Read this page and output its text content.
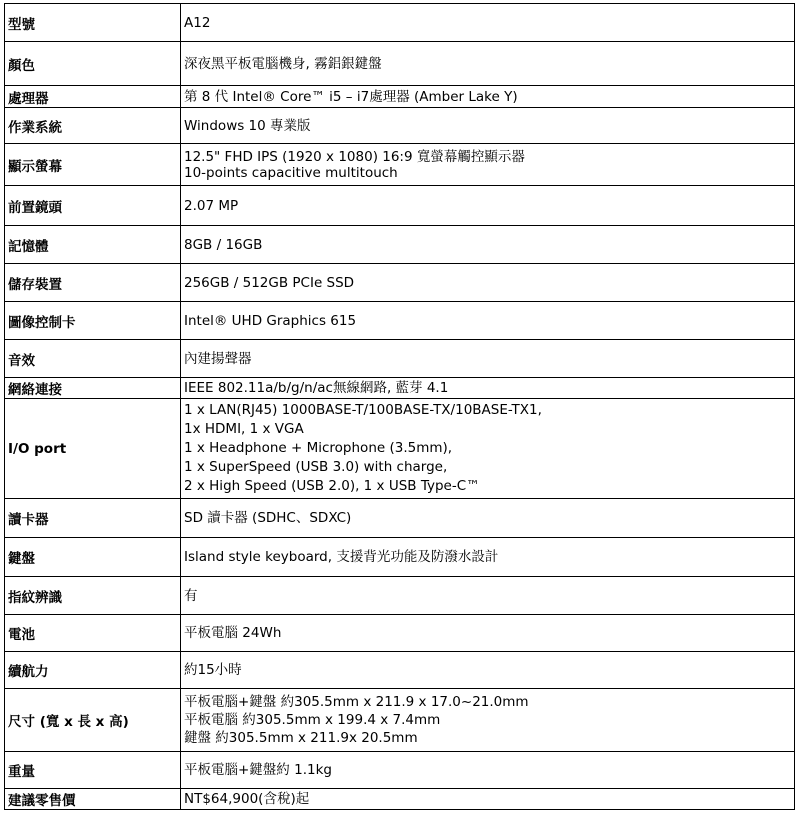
型號	A12

顏色	深夜黑平板電腦機身, 霧鋁銀鍵盤

處理器	第 8 代 Intel® Core™ i5 – i7處理器 (Amber Lake Y)

作業系統	Windows 10 專業版

顯示螢幕	12.5" FHD IPS (1920 x 1080) 16:9 寬螢幕觸控顯示器
10-points capacitive multitouch

前置鏡頭	2.07 MP

記憶體	8GB / 16GB

儲存裝置	256GB / 512GB PCIe SSD

圖像控制卡	Intel® UHD Graphics 615

音效	內建揚聲器

網絡連接	IEEE 802.11a/b/g/n/ac無線網路, 藍芽 4.1

I/O port	1 x LAN(RJ45) 1000BASE-T/100BASE-TX/10BASE-TX1,
1x HDMI, 1 x VGA
1 x Headphone + Microphone (3.5mm),
1 x SuperSpeed (USB 3.0) with charge,
2 x High Speed (USB 2.0), 1 x USB Type-C™

讀卡器	SD 讀卡器 (SDHC、SDXC)

鍵盤	Island style keyboard, 支援背光功能及防潑水設計

指紋辨識	有

電池	平板電腦 24Wh

續航力	約15小時

尺寸 (寬 x 長 x 高)	平板電腦+鍵盤 約305.5mm x 211.9 x 17.0~21.0mm
平板電腦 約305.5mm x 199.4 x 7.4mm
鍵盤 約305.5mm x 211.9x 20.5mm

重量	平板電腦+鍵盤約 1.1kg

建議零售價	NT$64,900(含稅)起
